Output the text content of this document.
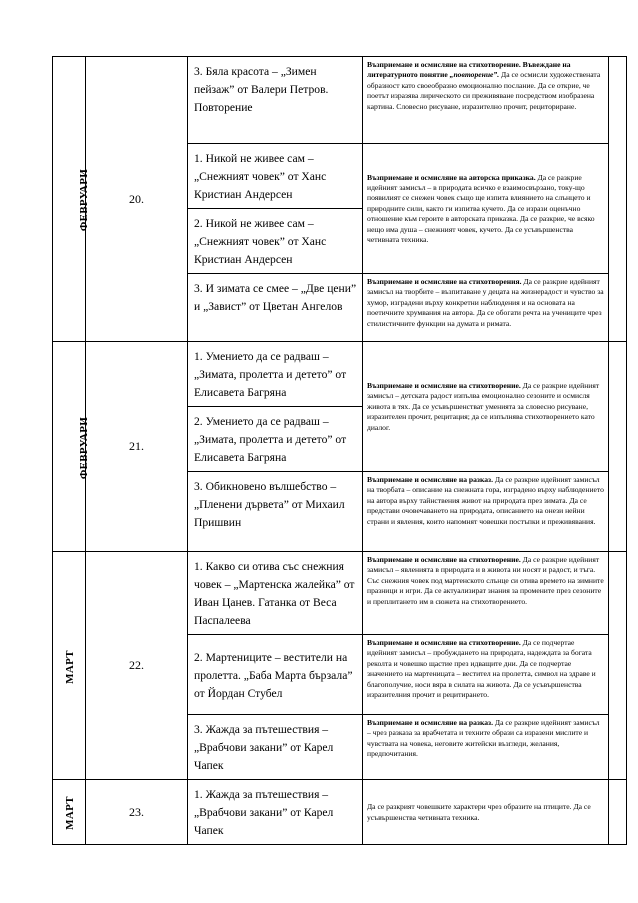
ФЕВРУАРИ	20.	3. Бяла красота – „Зимен пейзаж” от Валери Петров. Повторение	Възприемане и осмисляне на стихотворение. Въвеждане на литературното понятие „повторение”. Да се осмисли художествената образност като своеобразно емоционално послание. Да се открие, че поетът изразява лирическото си преживяване посредством изобразена картина. Словесно рисуване, изразително прочит, рециториране.	
		1. Никой не живее сам – „Снежният човек” от Ханс Кристиан Андерсен	Възприемане и осмисляне на авторска приказка. Да се разкрие идейният замисъл – в природата всичко е взаимосвързано, току-що появилият се снежен човек също ще изпита влиянието на слънцето и природните сили, както ги изпитва кучето. Да се изрази оценъчно отношение към героите в авторската приказка. Да се разкрие, че всяко нещо има душа – снежният човек, кучето. Да се усъвършенства четивната техника.	
		2. Никой не живее сам – „Снежният човек” от Ханс Кристиан Андерсен		
		3. И зимата се смее – „Две цени” и „Завист” от Цветан Ангелов	Възприемане и осмисляне на стихотворения. Да се разкрие идейният замисъл на творбите – възпитаване у децата на жизнерадост и чувство за хумор, изградени върху конкретни наблюдения и на основата на поетичните хрумвания на автора. Да се обогати речта на учениците чрез стилистичните функции на думата и римата.	
ФЕВРУАРИ	21.	1. Умението да се радваш – „Зимата, пролетта и детето” от Елисавета Багряна	Възприемане и осмисляне на стихотворение. Да се разкрие идейният замисъл – детската радост изпълва емоционално сезоните и осмисля живота в тях. Да се усъвършенстват уменията за словесно рисуване, изразителен прочит, рецитация; да се изпълнява стихотворението като диалог.	
		2. Умението да се радваш – „Зимата, пролетта и детето” от Елисавета Багряна		
		3. Обикновено вълшебство – „Пленени дървета” от Михаил Пришвин	Възприемане и осмисляне на разказ. Да се разкрие идейният замисъл на творбата – описание на снежната гора, изградено върху наблюдението на автора върху тайнствения живот на природата през зимата. Да се представи очовечаването на природата, описанието на онези нейни страни и явления, които напомнят човешки постъпки и преживявания.	
МАРТ	22.	1. Какво си отива със снежния човек – „Мартенска жалейка” от Иван Цанев. Гатанка от Веса Паспалеева	Възприемане и осмисляне на стихотворение. Да се разкрие идейният замисъл – явленията в природата и в живота ни носят и радост, и тъга. Със снежния човек под мартенското слънце си отива времето на зимните празници и игри. Да се актуализират знания за промените през сезоните и преплитането им в сюжета на стихотворението.	
		2. Мартениците – вестители на пролетта. „Баба Марта бързала” от Йордан Стубел	Възприемане и осмисляне на стихотворение. Да се подчертае идейният замисъл – пробуждането на природата, надеждата за богата реколта и човешко щастие през идващите дни. Да се подчертае значението на мартеницата – вестител на пролетта, символ на здраве и благополучие, носи вяра в силата на живота. Да се усъвършенства изразителния прочит и рецитирането.	
		3. Жажда за пътешествия – „Врабчови закани” от Карел Чапек	Възприемане и осмисляне на разказ. Да се разкрие идейният замисъл – чрез разказа за врабчетата и техните образи са изразени мислите и чувствата на човека, неговите житейски възгледи, желания, предпочитания.	
МАРТ	23.	1. Жажда за пътешествия – „Врабчови закани” от Карел Чапек	Да се разкрият човешките характери чрез образите на птиците. Да се усъвършенства четивната техника.	
